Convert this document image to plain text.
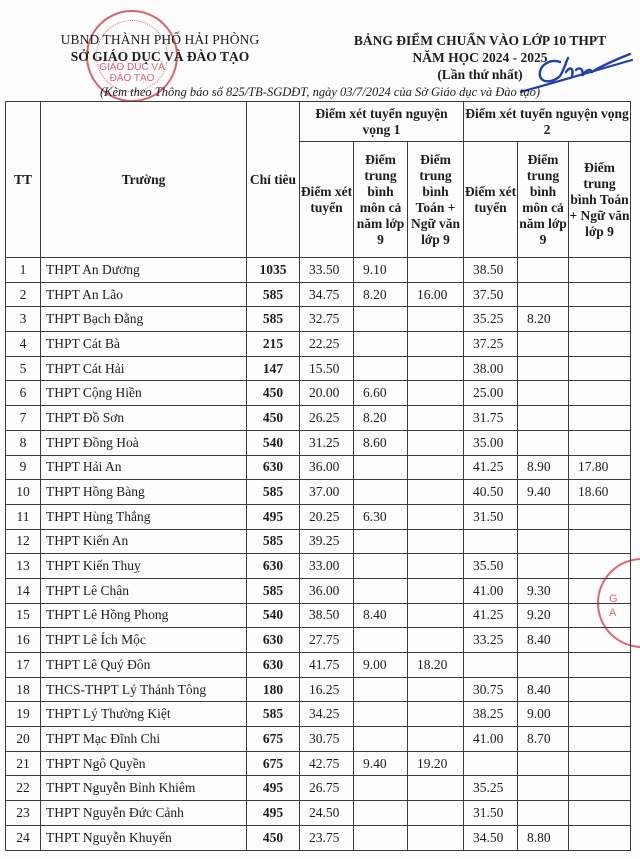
GIÁO DỤC VÀ ĐÀO TẠO
UBND THÀNH PHỐ HẢI PHÒNG
SỞ GIÁO DỤC VÀ ĐÀO TẠO
BẢNG ĐIỂM CHUẨN VÀO LỚP 10 THPT
NĂM HỌC 2024 - 2025
(Lần thứ nhất)
(Kèm theo Thông báo số 825/TB-SGDĐT, ngày 03/7/2024 của Sở Giáo dục và Đào tạo)
G
A
TT	Trường	Chỉ tiêu	Điểm xét tuyển nguyện vọng 1			Điểm xét tuyển nguyện vọng 2		
			Điểm xét tuyển	Điểm trung bình môn cả năm lớp 9	Điểm trung bình Toán + Ngữ văn lớp 9	Điểm xét tuyển	Điểm trung bình môn cả năm lớp 9	Điểm trung bình Toán + Ngữ văn lớp 9
1	THPT An Dương	1035	33.50	9.10		38.50		
2	THPT An Lão	585	34.75	8.20	16.00	37.50		
3	THPT Bạch Đằng	585	32.75			35.25	8.20	
4	THPT Cát Bà	215	22.25			37.25		
5	THPT Cát Hải	147	15.50			38.00		
6	THPT Cộng Hiền	450	20.00	6.60		25.00		
7	THPT Đồ Sơn	450	26.25	8.20		31.75		
8	THPT Đồng Hoà	540	31.25	8.60		35.00		
9	THPT Hải An	630	36.00			41.25	8.90	17.80
10	THPT Hồng Bàng	585	37.00			40.50	9.40	18.60
11	THPT Hùng Thắng	495	20.25	6.30		31.50		
12	THPT Kiến An	585	39.25					
13	THPT Kiến Thuỵ	630	33.00			35.50		
14	THPT Lê Chân	585	36.00			41.00	9.30	
15	THPT Lê Hồng Phong	540	38.50	8.40		41.25	9.20	
16	THPT Lê Ích Mộc	630	27.75			33.25	8.40	
17	THPT Lê Quý Đôn	630	41.75	9.00	18.20			
18	THCS-THPT Lý Thánh Tông	180	16.25			30.75	8.40	
19	THPT Lý Thường Kiệt	585	34.25			38.25	9.00	
20	THPT Mạc Đĩnh Chi	675	30.75			41.00	8.70	
21	THPT Ngô Quyền	675	42.75	9.40	19.20			
22	THPT Nguyễn Bỉnh Khiêm	495	26.75			35.25		
23	THPT Nguyễn Đức Cảnh	495	24.50			31.50		
24	THPT Nguyễn Khuyến	450	23.75			34.50	8.80	
